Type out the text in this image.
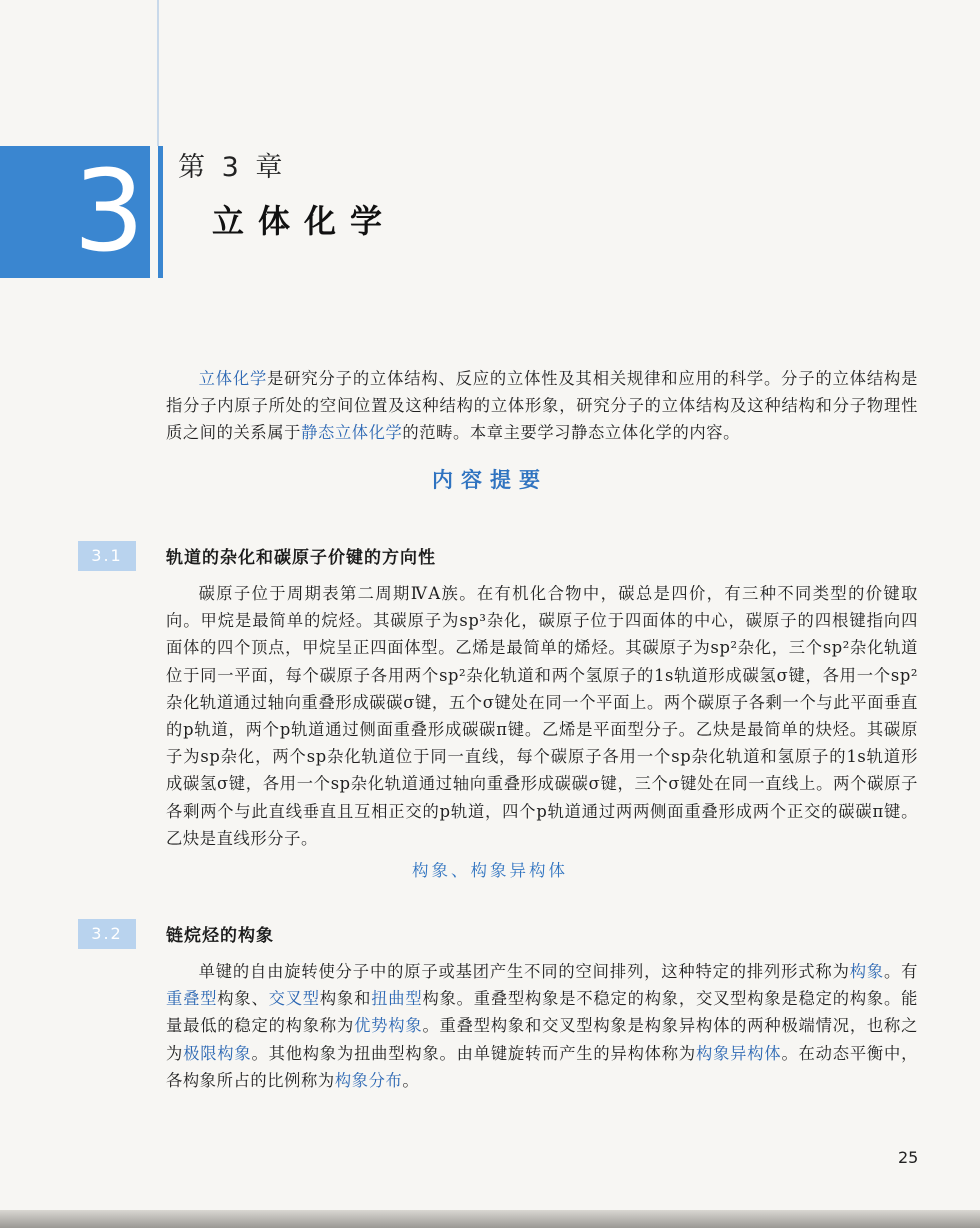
3 第 3 章
立体化学

立体化学是研究分子的立体结构、反应的立体性及其相关规律和应用的科学。分子的立体结构是指分子内原子所处的空间位置及这种结构的立体形象，研究分子的立体结构及这种结构和分子物理性质之间的关系属于静态立体化学的范畴。本章主要学习静态立体化学的内容。

内容提要
3.1	轨道的杂化和碳原子价键的方向性

碳原子位于周期表第二周期ⅣA族。在有机化合物中，碳总是四价，有三种不同类型的价键取向。甲烷是最简单的烷烃。其碳原子为sp³杂化，碳原子位于四面体的中心，碳原子的四根键指向四面体的四个顶点，甲烷呈正四面体型。乙烯是最简单的烯烃。其碳原子为sp²杂化，三个sp²杂化轨道位于同一平面，每个碳原子各用两个sp²杂化轨道和两个氢原子的1s轨道形成碳氢σ键，各用一个sp²杂化轨道通过轴向重叠形成碳碳σ键，五个σ键处在同一个平面上。两个碳原子各剩一个与此平面垂直的p轨道，两个p轨道通过侧面重叠形成碳碳π键。乙烯是平面型分子。乙炔是最简单的炔烃。其碳原子为sp杂化，两个sp杂化轨道位于同一直线，每个碳原子各用一个sp杂化轨道和氢原子的1s轨道形成碳氢σ键，各用一个sp杂化轨道通过轴向重叠形成碳碳σ键，三个σ键处在同一直线上。两个碳原子各剩两个与此直线垂直且互相正交的p轨道，四个p轨道通过两两侧面重叠形成两个正交的碳碳π键。乙炔是直线形分子。

构象、构象异构体
3.2	链烷烃的构象

单键的自由旋转使分子中的原子或基团产生不同的空间排列，这种特定的排列形式称为构象。有重叠型构象、交叉型构象和扭曲型构象。重叠型构象是不稳定的构象，交叉型构象是稳定的构象。能量最低的稳定的构象称为优势构象。重叠型构象和交叉型构象是构象异构体的两种极端情况，也称之为极限构象。其他构象为扭曲型构象。由单键旋转而产生的异构体称为构象异构体。在动态平衡中，各构象所占的比例称为构象分布。

25
